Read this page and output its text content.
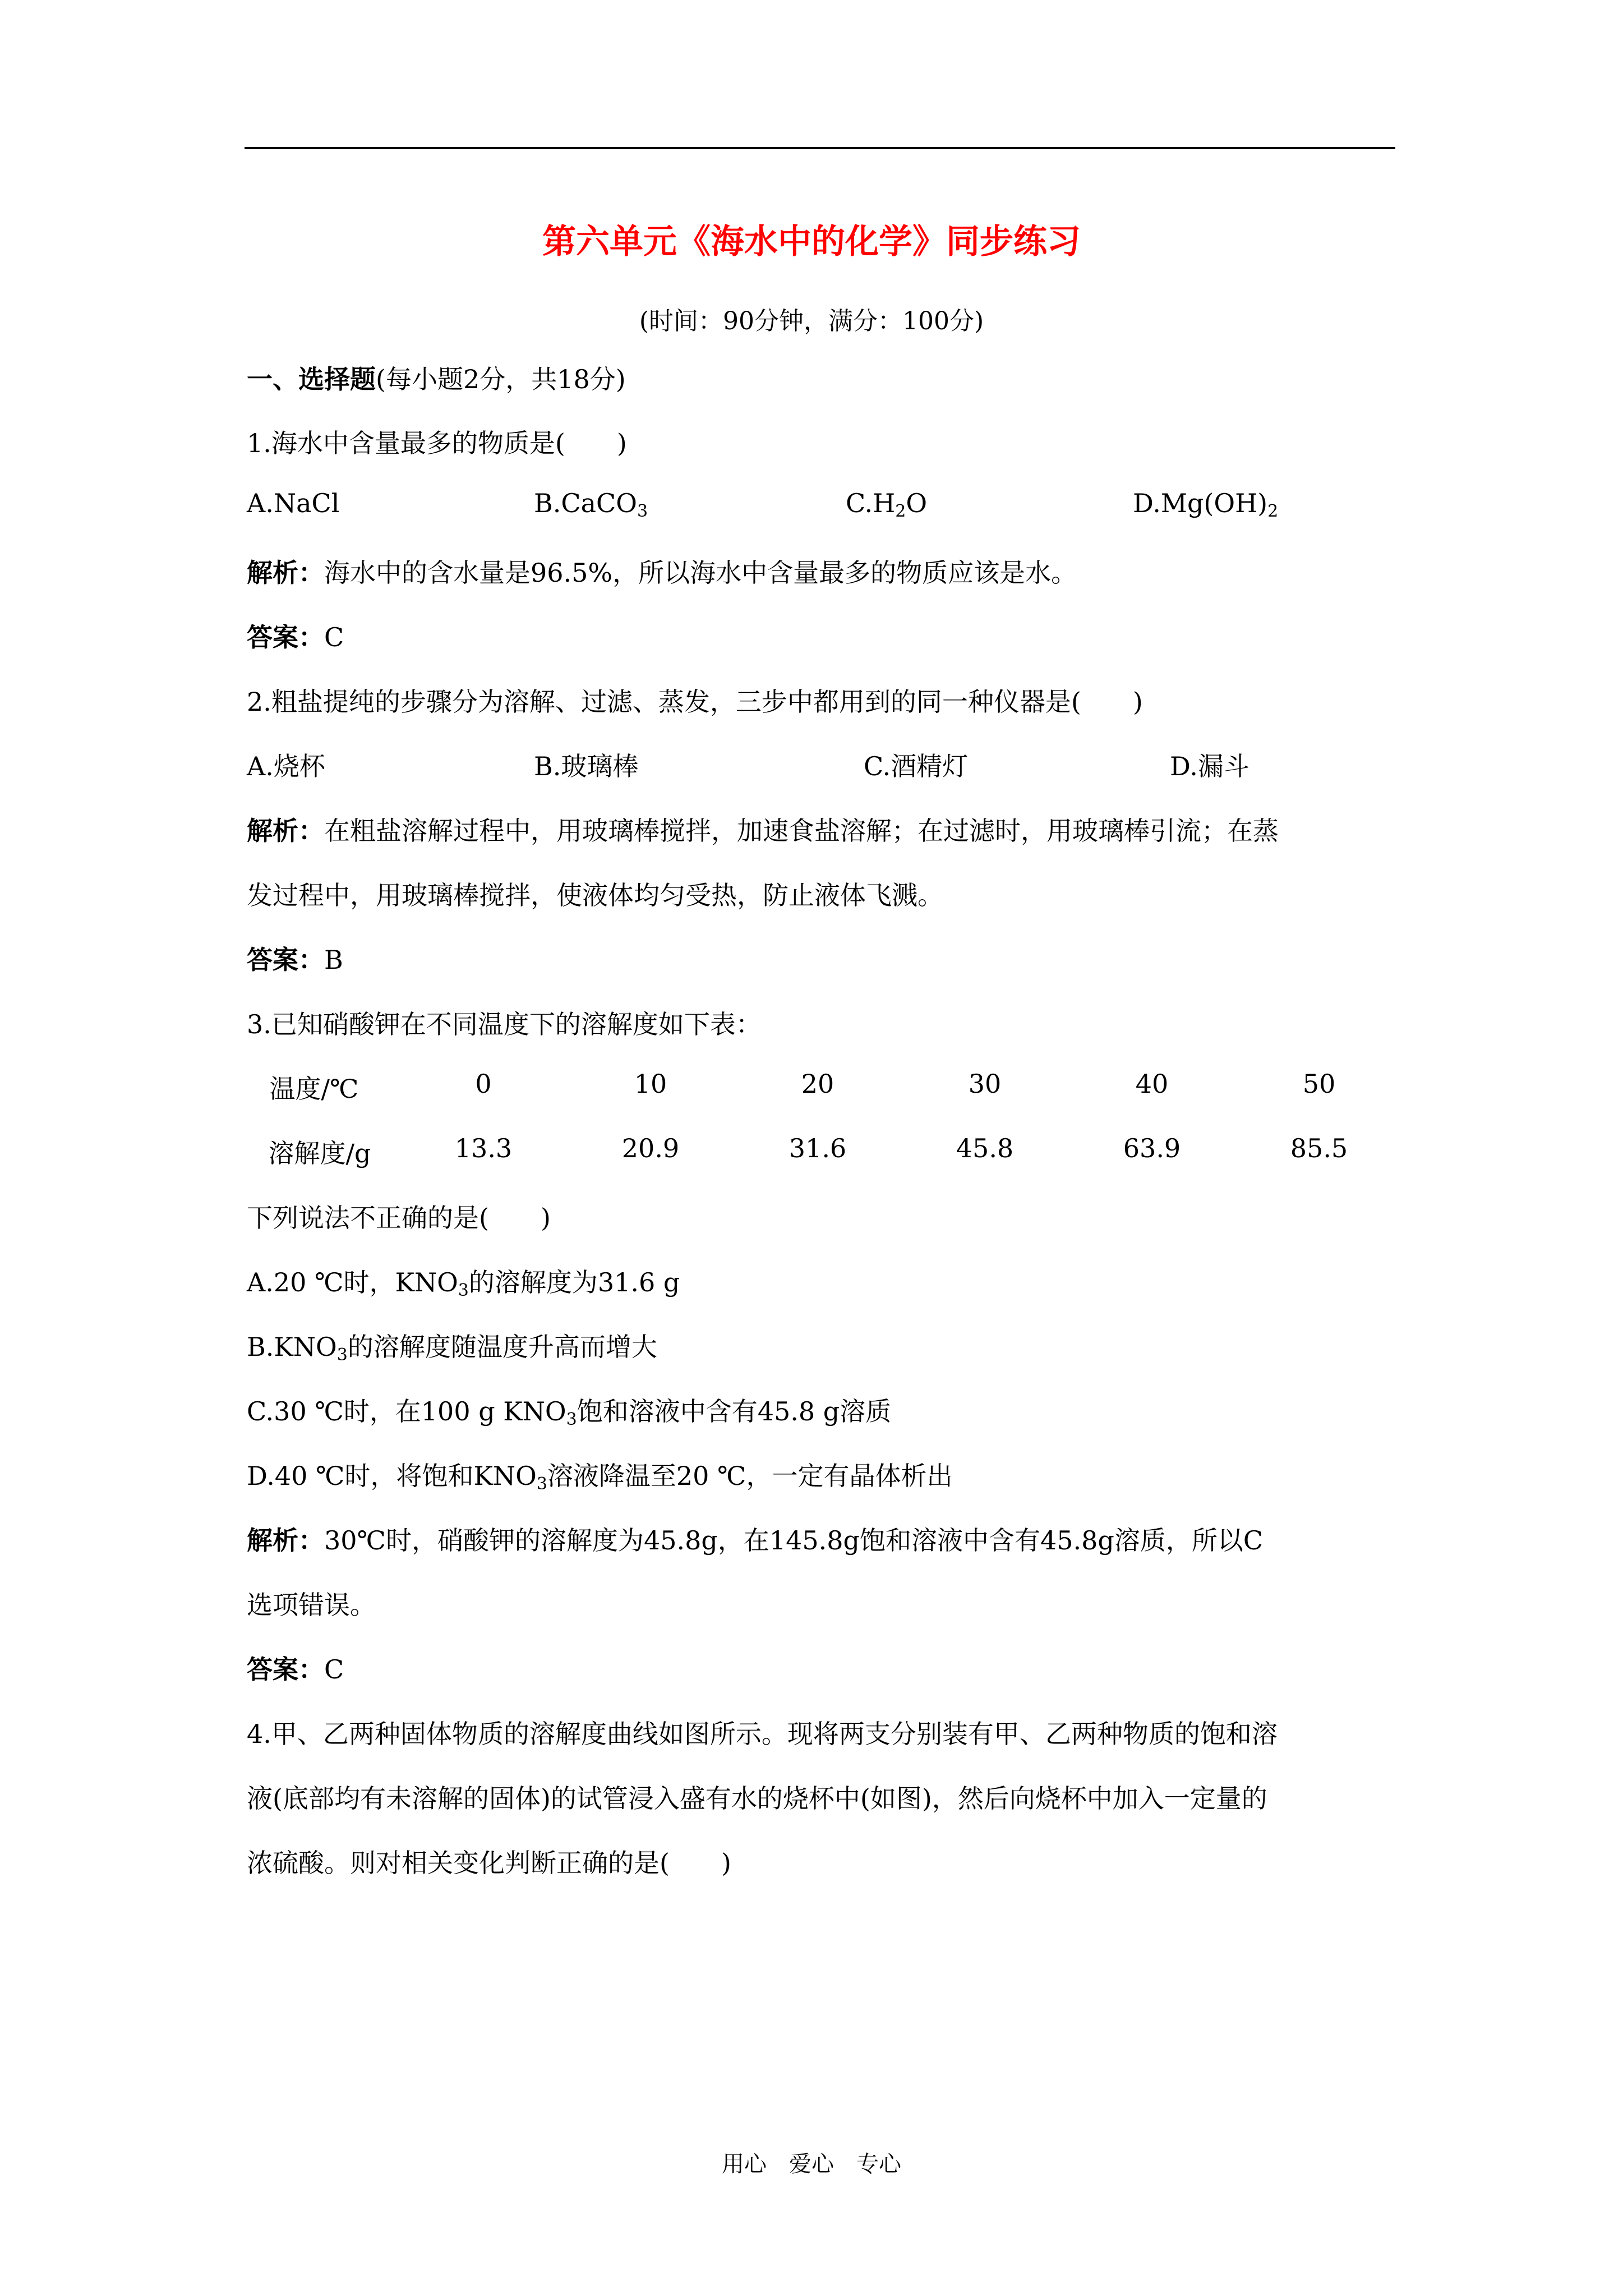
第六单元《海水中的化学》同步练习
(时间：90分钟，满分：100分)
一、选择题(每小题2分，共18分)
1.海水中含量最多的物质是(　　)
A.NaCl	B.CaCO$_3$	$C.H_2O$	$D.Mg(OH)_2$
解析：海水中的含水量是96.5%，所以海水中含量最多的物质应该是水。
答案：C
2.粗盐提纯的步骤分为溶解、过滤、蒸发，三步中都用到的同一种仪器是(　　)
A.烧杯	B.玻璃棒	C.酒精灯	D.漏斗
解析：在粗盐溶解过程中，用玻璃棒搅拌，加速食盐溶解；在过滤时，用玻璃棒引流；在蒸
发过程中，用玻璃棒搅拌，使液体均匀受热，防止液体飞溅。
答案：B
3.已知硝酸钾在不同温度下的溶解度如下表：
温度/℃	0	10	20	30	40	50
溶解度/g	13.3	20.9	31.6	45.8	63.9	85.5
下列说法不正确的是(　　)
A.20 ℃时，$KNO_3$的溶解度为31.6 g
$B.KNO_3$的溶解度随温度升高而增大
C.30 ℃时，在100 g $KNO_3$饱和溶液中含有45.8 g溶质
D.40 ℃时，将饱和$KNO_3$溶液降温至20 ℃，一定有晶体析出
解析：30℃时，硝酸钾的溶解度为45.8g，在145.8g饱和溶液中含有45.8g溶质，所以C
选项错误。
答案：C
4.甲、乙两种固体物质的溶解度曲线如图所示。现将两支分别装有甲、乙两种物质的饱和溶
液(底部均有未溶解的固体)的试管浸入盛有水的烧杯中(如图)，然后向烧杯中加入一定量的
浓硫酸。则对相关变化判断正确的是(　　)
用心　爱心　专心
